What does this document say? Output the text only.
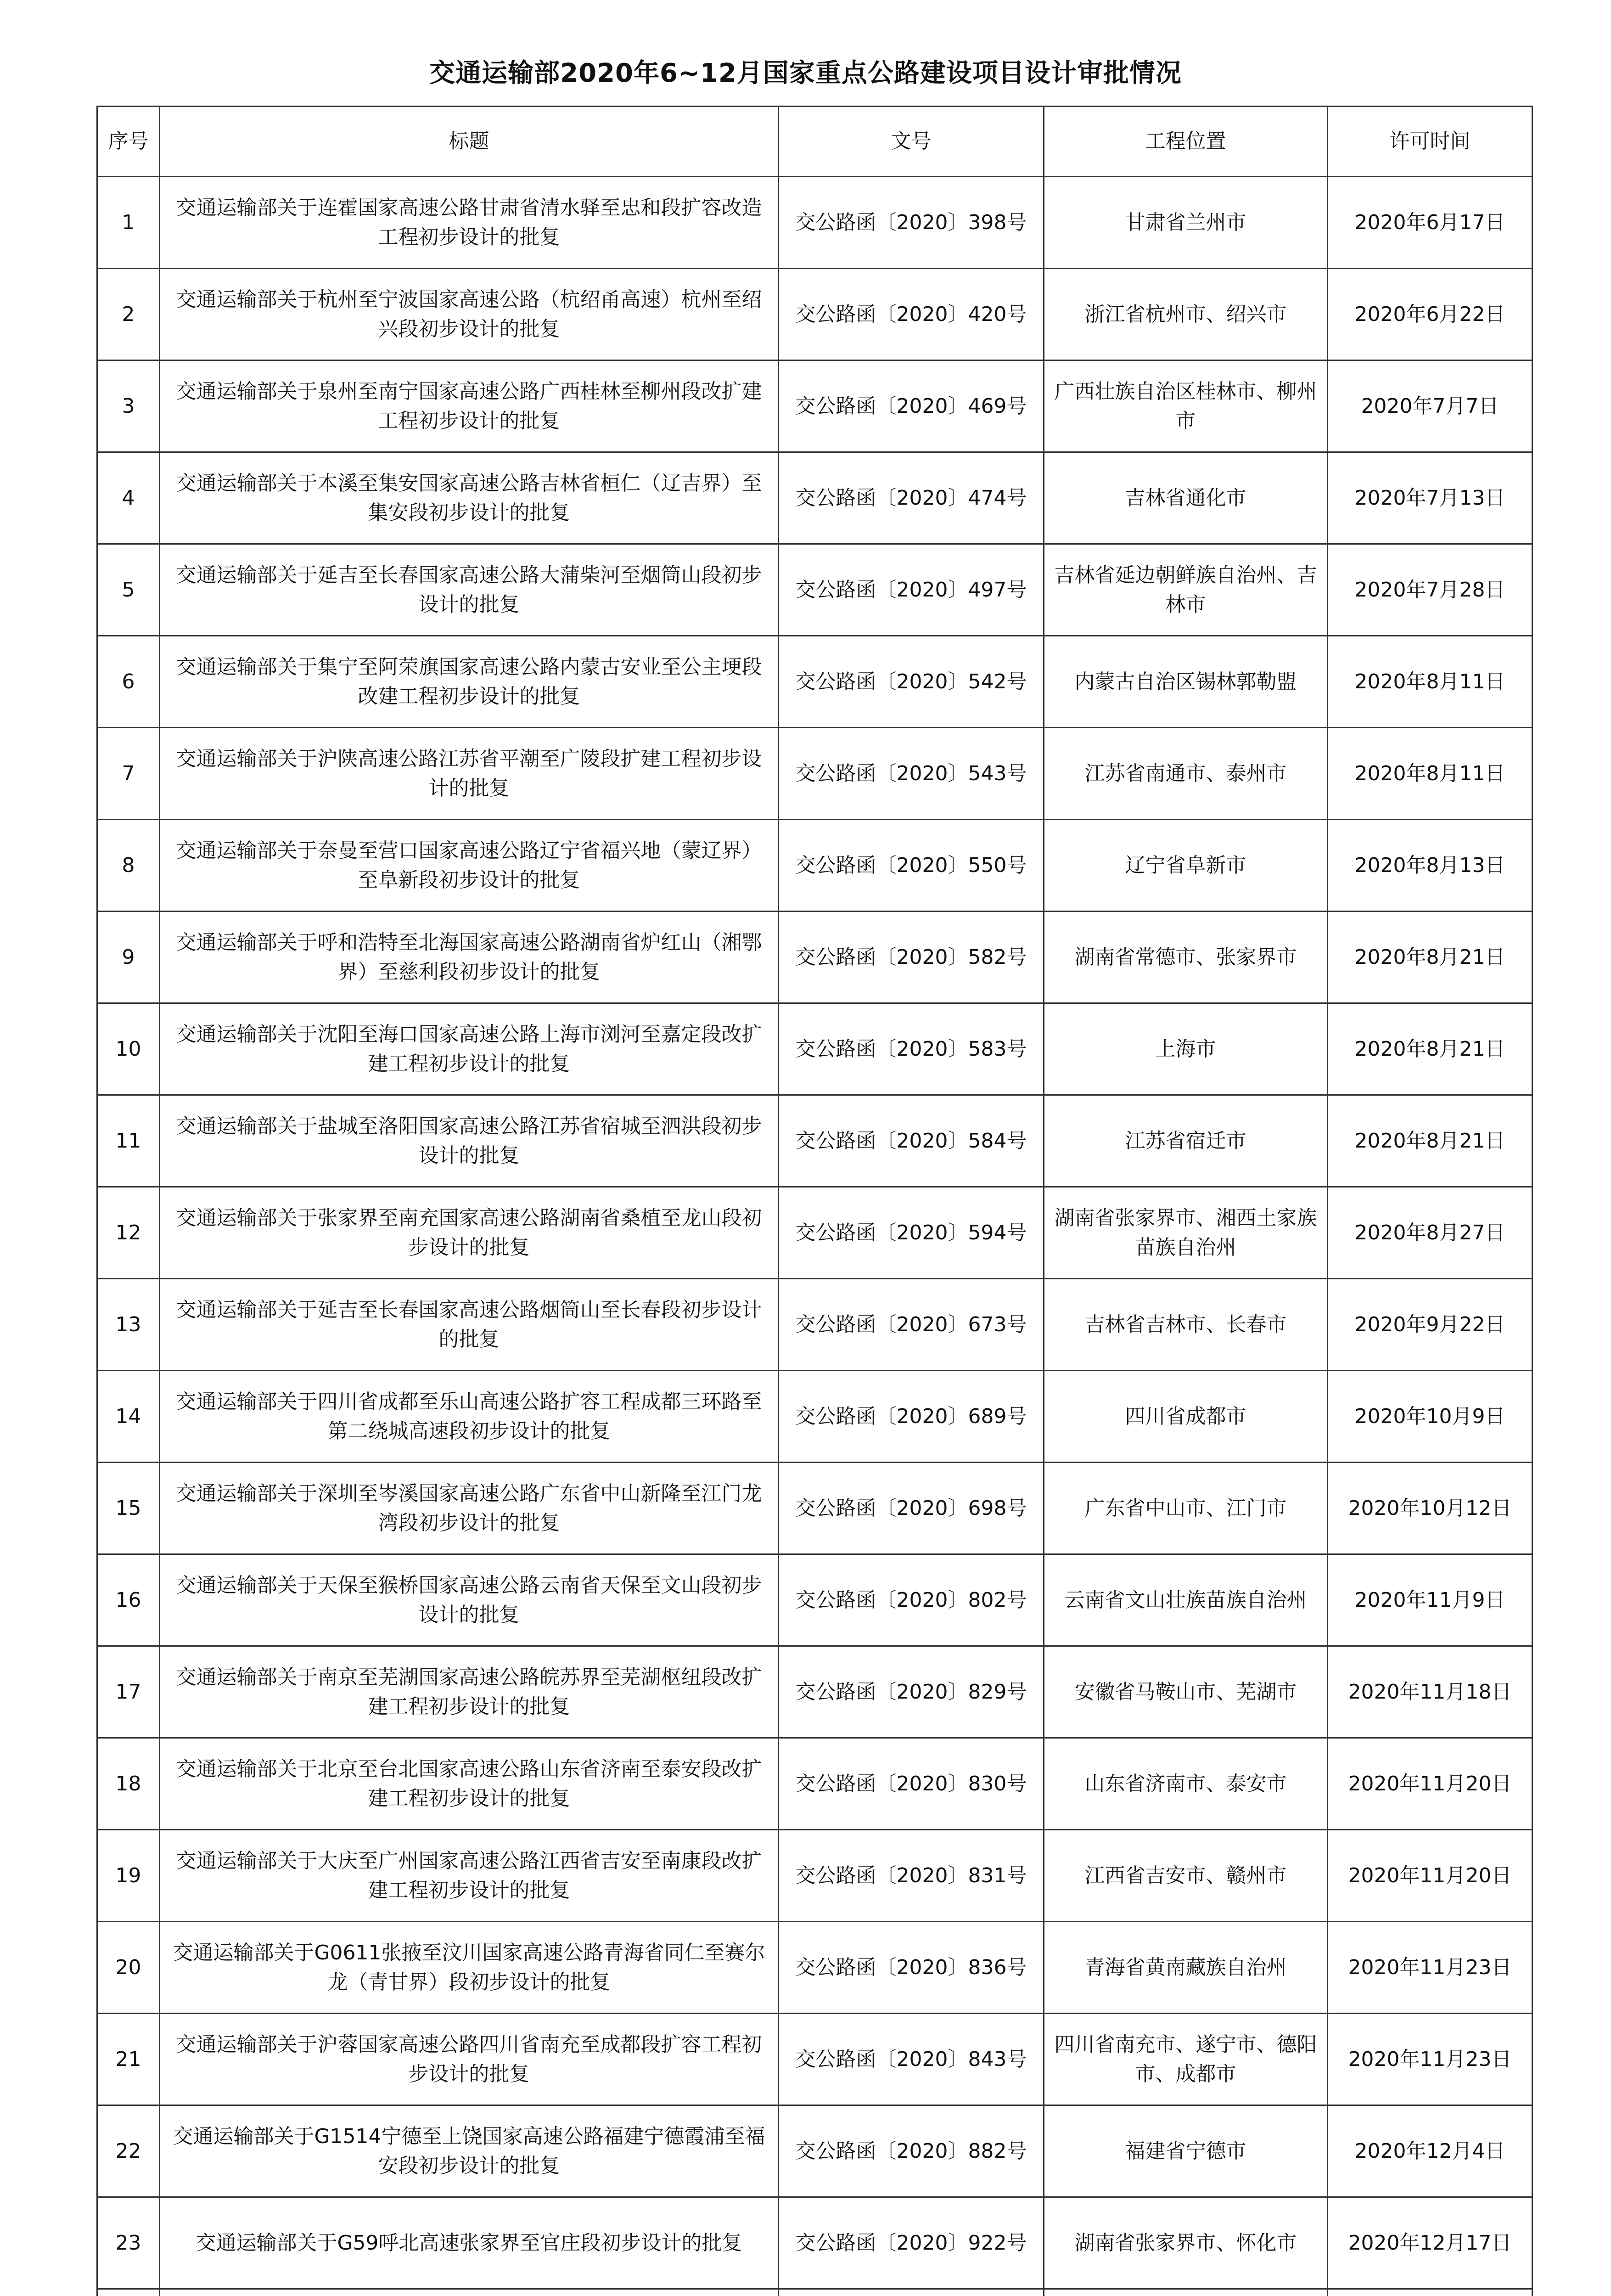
交通运输部2020年6~12月国家重点公路建设项目设计审批情况
序号	标题	文号	工程位置	许可时间
1	交通运输部关于连霍国家高速公路甘肃省清水驿至忠和段扩容改造工程初步设计的批复	交公路函〔2020〕398号	甘肃省兰州市	2020年6月17日
2	交通运输部关于杭州至宁波国家高速公路（杭绍甬高速）杭州至绍兴段初步设计的批复	交公路函〔2020〕420号	浙江省杭州市、绍兴市	2020年6月22日
3	交通运输部关于泉州至南宁国家高速公路广西桂林至柳州段改扩建工程初步设计的批复	交公路函〔2020〕469号	广西壮族自治区桂林市、柳州市	2020年7月7日
4	交通运输部关于本溪至集安国家高速公路吉林省桓仁（辽吉界）至集安段初步设计的批复	交公路函〔2020〕474号	吉林省通化市	2020年7月13日
5	交通运输部关于延吉至长春国家高速公路大蒲柴河至烟筒山段初步设计的批复	交公路函〔2020〕497号	吉林省延边朝鲜族自治州、吉林市	2020年7月28日
6	交通运输部关于集宁至阿荣旗国家高速公路内蒙古安业至公主埂段改建工程初步设计的批复	交公路函〔2020〕542号	内蒙古自治区锡林郭勒盟	2020年8月11日
7	交通运输部关于沪陕高速公路江苏省平潮至广陵段扩建工程初步设计的批复	交公路函〔2020〕543号	江苏省南通市、泰州市	2020年8月11日
8	交通运输部关于奈曼至营口国家高速公路辽宁省福兴地（蒙辽界）至阜新段初步设计的批复	交公路函〔2020〕550号	辽宁省阜新市	2020年8月13日
9	交通运输部关于呼和浩特至北海国家高速公路湖南省炉红山（湘鄂界）至慈利段初步设计的批复	交公路函〔2020〕582号	湖南省常德市、张家界市	2020年8月21日
10	交通运输部关于沈阳至海口国家高速公路上海市浏河至嘉定段改扩建工程初步设计的批复	交公路函〔2020〕583号	上海市	2020年8月21日
11	交通运输部关于盐城至洛阳国家高速公路江苏省宿城至泗洪段初步设计的批复	交公路函〔2020〕584号	江苏省宿迁市	2020年8月21日
12	交通运输部关于张家界至南充国家高速公路湖南省桑植至龙山段初步设计的批复	交公路函〔2020〕594号	湖南省张家界市、湘西土家族苗族自治州	2020年8月27日
13	交通运输部关于延吉至长春国家高速公路烟筒山至长春段初步设计的批复	交公路函〔2020〕673号	吉林省吉林市、长春市	2020年9月22日
14	交通运输部关于四川省成都至乐山高速公路扩容工程成都三环路至第二绕城高速段初步设计的批复	交公路函〔2020〕689号	四川省成都市	2020年10月9日
15	交通运输部关于深圳至岑溪国家高速公路广东省中山新隆至江门龙湾段初步设计的批复	交公路函〔2020〕698号	广东省中山市、江门市	2020年10月12日
16	交通运输部关于天保至猴桥国家高速公路云南省天保至文山段初步设计的批复	交公路函〔2020〕802号	云南省文山壮族苗族自治州	2020年11月9日
17	交通运输部关于南京至芜湖国家高速公路皖苏界至芜湖枢纽段改扩建工程初步设计的批复	交公路函〔2020〕829号	安徽省马鞍山市、芜湖市	2020年11月18日
18	交通运输部关于北京至台北国家高速公路山东省济南至泰安段改扩建工程初步设计的批复	交公路函〔2020〕830号	山东省济南市、泰安市	2020年11月20日
19	交通运输部关于大庆至广州国家高速公路江西省吉安至南康段改扩建工程初步设计的批复	交公路函〔2020〕831号	江西省吉安市、赣州市	2020年11月20日
20	交通运输部关于G0611张掖至汶川国家高速公路青海省同仁至赛尔龙（青甘界）段初步设计的批复	交公路函〔2020〕836号	青海省黄南藏族自治州	2020年11月23日
21	交通运输部关于沪蓉国家高速公路四川省南充至成都段扩容工程初步设计的批复	交公路函〔2020〕843号	四川省南充市、遂宁市、德阳市、成都市	2020年11月23日
22	交通运输部关于G1514宁德至上饶国家高速公路福建宁德霞浦至福安段初步设计的批复	交公路函〔2020〕882号	福建省宁德市	2020年12月4日
23	交通运输部关于G59呼北高速张家界至官庄段初步设计的批复	交公路函〔2020〕922号	湖南省张家界市、怀化市	2020年12月17日
